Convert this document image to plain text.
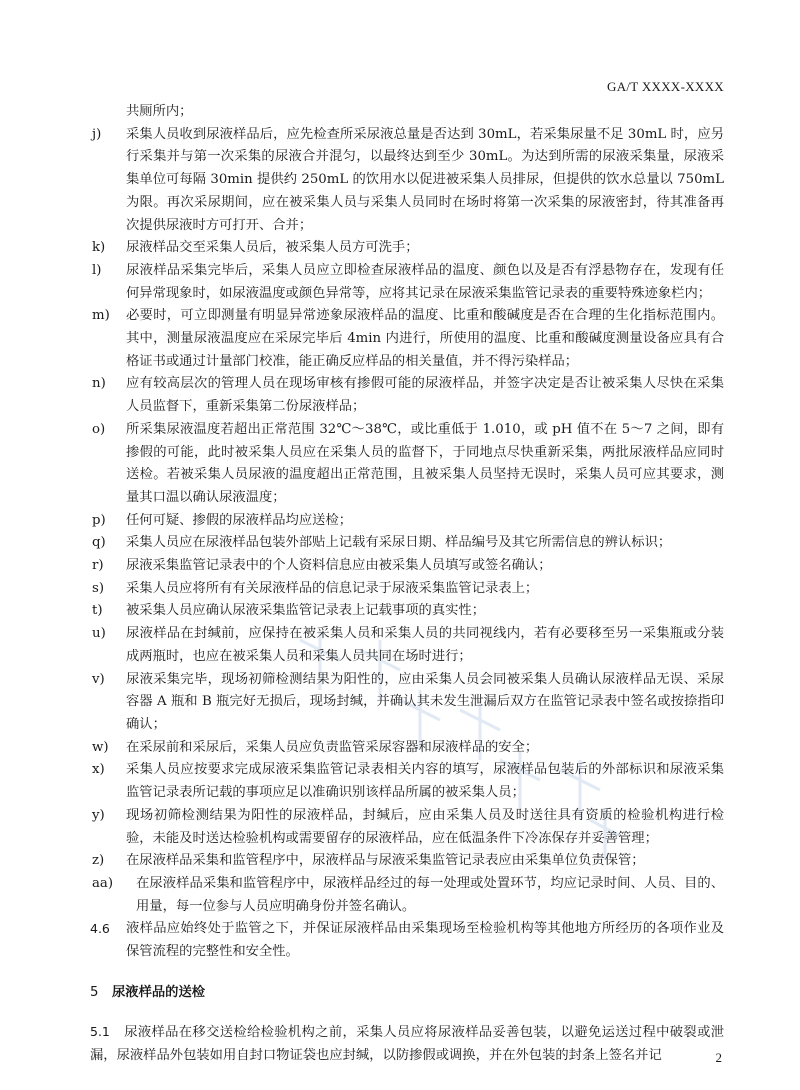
GA/T XXXX-XXXX
共厕所内；
j)	采集人员收到尿液样品后，应先检查所采尿液总量是否达到 30mL，若采集尿量不足 30mL 时，应另行采集并与第一次采集的尿液合并混匀，以最终达到至少 30mL。为达到所需的尿液采集量，尿液采集单位可每隔 30min 提供约 250mL 的饮用水以促进被采集人员排尿，但提供的饮水总量以 750mL 为限。再次采尿期间，应在被采集人员与采集人员同时在场时将第一次采集的尿液密封，待其准备再次提供尿液时方可打开、合并；
k)	尿液样品交至采集人员后，被采集人员方可洗手；
l)	尿液样品采集完毕后，采集人员应立即检查尿液样品的温度、颜色以及是否有浮悬物存在，发现有任何异常现象时，如尿液温度或颜色异常等，应将其记录在尿液采集监管记录表的重要特殊迹象栏内；
m)	必要时，可立即测量有明显异常迹象尿液样品的温度、比重和酸碱度是否在合理的生化指标范围内。其中，测量尿液温度应在采尿完毕后 4min 内进行，所使用的温度、比重和酸碱度测量设备应具有合格证书或通过计量部门校准，能正确反应样品的相关量值，并不得污染样品；
n)	应有较高层次的管理人员在现场审核有掺假可能的尿液样品，并签字决定是否让被采集人尽快在采集人员监督下，重新采集第二份尿液样品；
o)	所采集尿液温度若超出正常范围 32℃～38℃，或比重低于 1.010，或 pH 值不在 5～7 之间，即有掺假的可能，此时被采集人员应在采集人员的监督下，于同地点尽快重新采集，两批尿液样品应同时送检。若被采集人员尿液的温度超出正常范围，且被采集人员坚持无误时，采集人员可应其要求，测量其口温以确认尿液温度；
p)	任何可疑、掺假的尿液样品均应送检；
q)	采集人员应在尿液样品包装外部贴上记载有采尿日期、样品编号及其它所需信息的辨认标识；
r)	尿液采集监管记录表中的个人资料信息应由被采集人员填写或签名确认；
s)	采集人员应将所有有关尿液样品的信息记录于尿液采集监管记录表上；
t)	被采集人员应确认尿液采集监管记录表上记载事项的真实性；
u)	尿液样品在封缄前，应保持在被采集人员和采集人员的共同视线内，若有必要移至另一采集瓶或分装成两瓶时，也应在被采集人员和采集人员共同在场时进行；
v)	尿液采集完毕，现场初筛检测结果为阳性的，应由采集人员会同被采集人员确认尿液样品无误、采尿容器 A 瓶和 B 瓶完好无损后，现场封缄，并确认其未发生泄漏后双方在监管记录表中签名或按捺指印确认；
w)	在采尿前和采尿后，采集人员应负责监管采尿容器和尿液样品的安全；
x)	采集人员应按要求完成尿液采集监管记录表相关内容的填写，尿液样品包装后的外部标识和尿液采集监管记录表所记载的事项应足以准确识别该样品所属的被采集人员；
y)	现场初筛检测结果为阳性的尿液样品，封缄后，应由采集人员及时送往具有资质的检验机构进行检验，未能及时送达检验机构或需要留存的尿液样品，应在低温条件下冷冻保存并妥善管理；
z)	在尿液样品采集和监管程序中，尿液样品与尿液采集监管记录表应由采集单位负责保管；
aa)	在尿液样品采集和监管程序中，尿液样品经过的每一处理或处置环节，均应记录时间、人员、目的、用量，每一位参与人员应明确身份并签名确认。
4.6	液样品应始终处于监管之下，并保证尿液样品由采集现场至检验机构等其他地方所经历的各项作业及保管流程的完整性和安全性。
5	尿液样品的送检
5.1 尿液样品在移交送检给检验机构之前，采集人员应将尿液样品妥善包装，以避免运送过程中破裂或泄漏，尿液样品外包装如用自封口物证袋也应封缄，以防掺假或调换，并在外包装的封条上签名并记	2
